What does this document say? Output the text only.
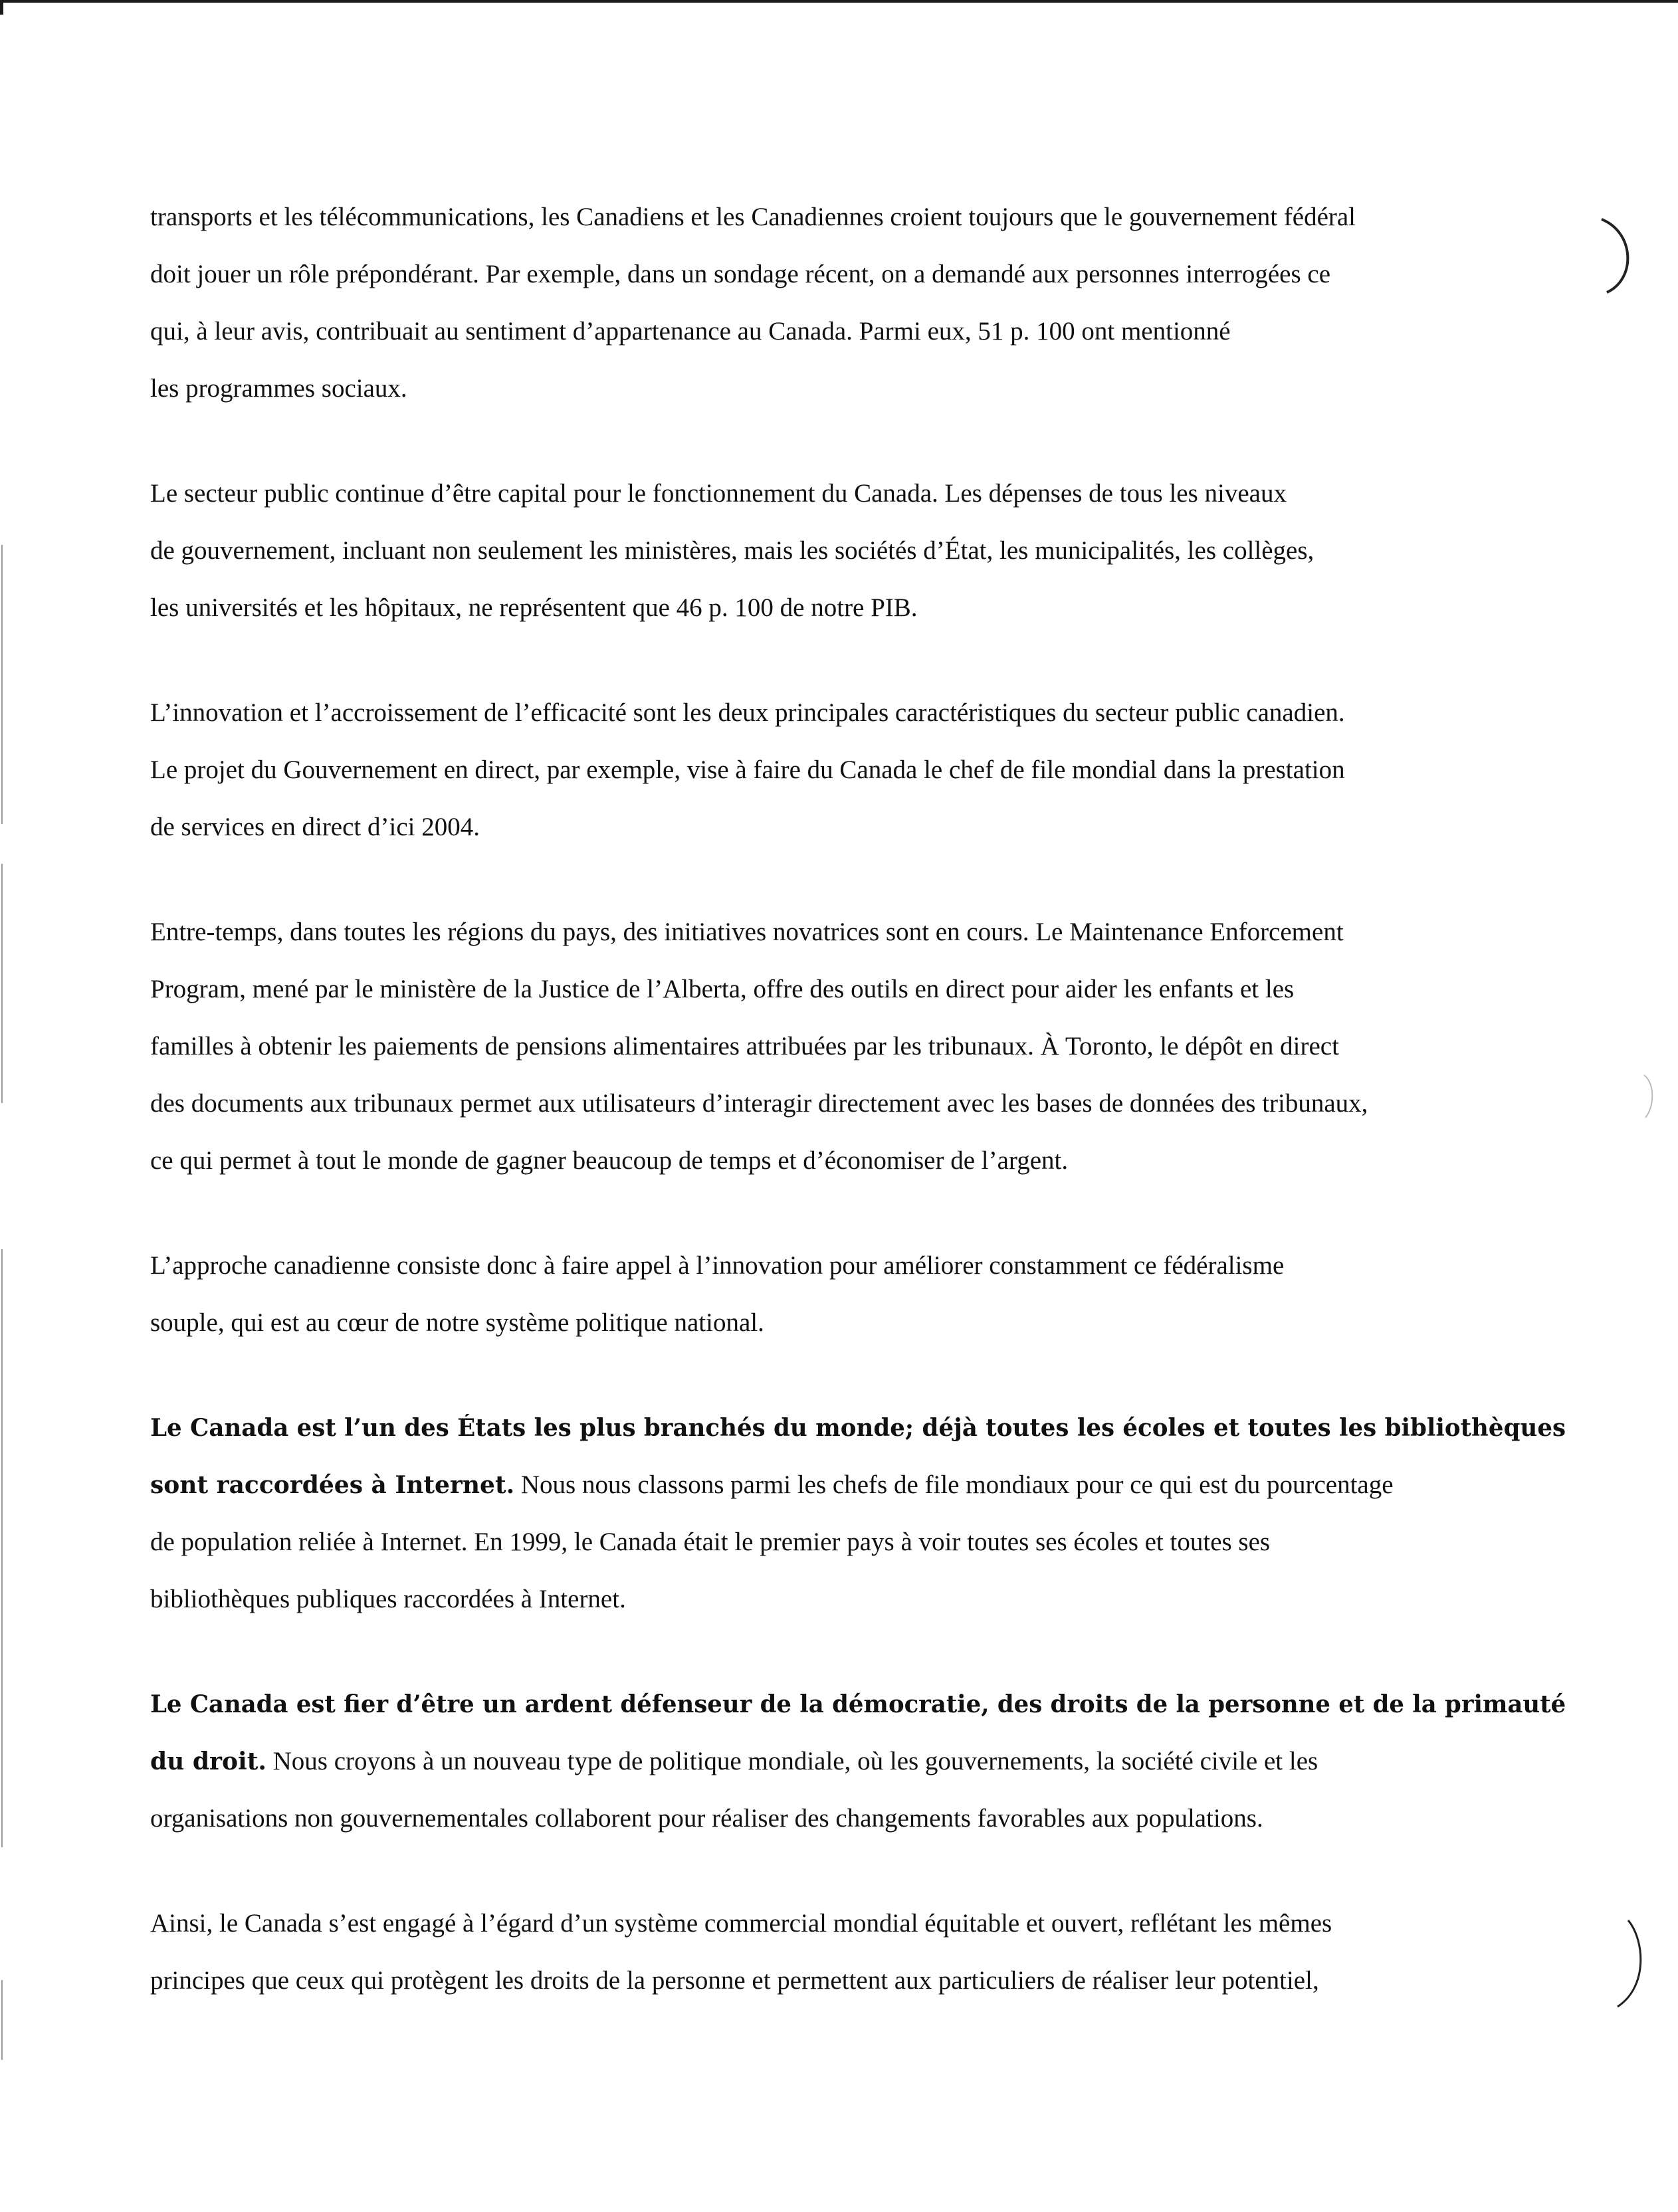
transports et les télécommunications, les Canadiens et les Canadiennes croient toujours que le gouvernement fédéral
doit jouer un rôle prépondérant. Par exemple, dans un sondage récent, on a demandé aux personnes interrogées ce
qui, à leur avis, contribuait au sentiment d’appartenance au Canada. Parmi eux, 51 p. 100 ont mentionné
les programmes sociaux.
Le secteur public continue d’être capital pour le fonctionnement du Canada. Les dépenses de tous les niveaux
de gouvernement, incluant non seulement les ministères, mais les sociétés d’État, les municipalités, les collèges,
les universités et les hôpitaux, ne représentent que 46 p. 100 de notre PIB.
L’innovation et l’accroissement de l’efficacité sont les deux principales caractéristiques du secteur public canadien.
Le projet du Gouvernement en direct, par exemple, vise à faire du Canada le chef de file mondial dans la prestation
de services en direct d’ici 2004.
Entre-temps, dans toutes les régions du pays, des initiatives novatrices sont en cours. Le Maintenance Enforcement
Program, mené par le ministère de la Justice de l’Alberta, offre des outils en direct pour aider les enfants et les
familles à obtenir les paiements de pensions alimentaires attribuées par les tribunaux. À Toronto, le dépôt en direct
des documents aux tribunaux permet aux utilisateurs d’interagir directement avec les bases de données des tribunaux,
ce qui permet à tout le monde de gagner beaucoup de temps et d’économiser de l’argent.
L’approche canadienne consiste donc à faire appel à l’innovation pour améliorer constamment ce fédéralisme
souple, qui est au cœur de notre système politique national.
Le Canada est l’un des États les plus branchés du monde; déjà toutes les écoles et toutes les bibliothèques
sont raccordées à Internet. Nous nous classons parmi les chefs de file mondiaux pour ce qui est du pourcentage
de population reliée à Internet. En 1999, le Canada était le premier pays à voir toutes ses écoles et toutes ses
bibliothèques publiques raccordées à Internet.
Le Canada est fier d’être un ardent défenseur de la démocratie, des droits de la personne et de la primauté
du droit. Nous croyons à un nouveau type de politique mondiale, où les gouvernements, la société civile et les
organisations non gouvernementales collaborent pour réaliser des changements favorables aux populations.
Ainsi, le Canada s’est engagé à l’égard d’un système commercial mondial équitable et ouvert, reflétant les mêmes
principes que ceux qui protègent les droits de la personne et permettent aux particuliers de réaliser leur potentiel,
